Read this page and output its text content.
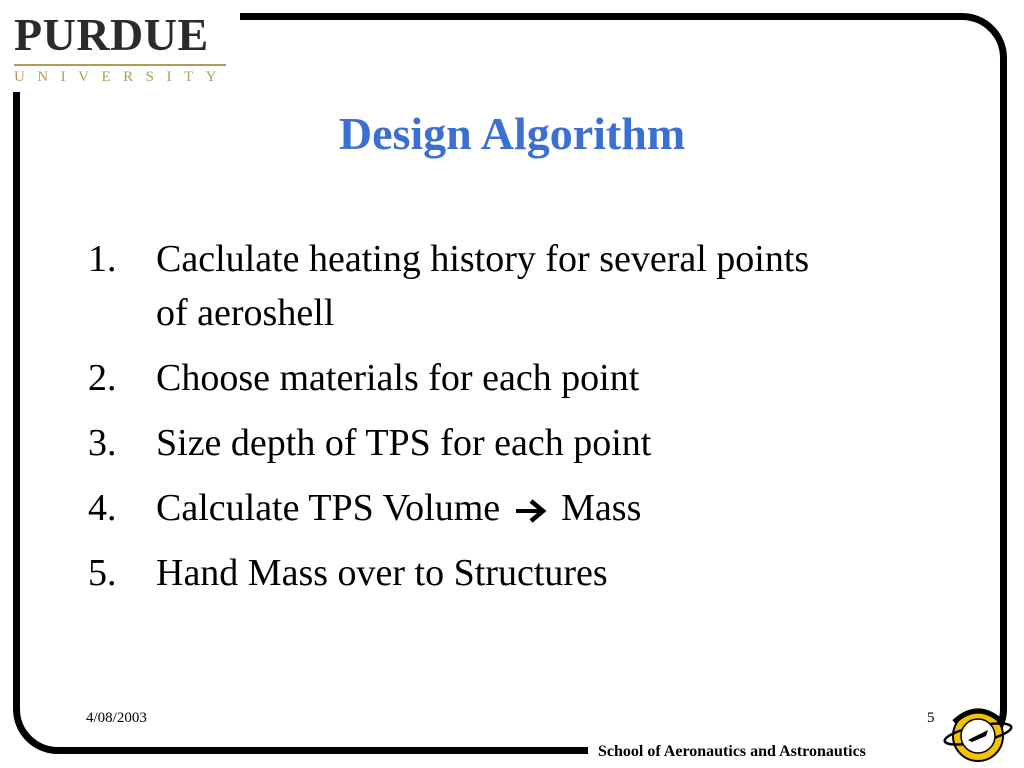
PURDUE
UNIVERSITY
Design Algorithm
1.	Caclulate heating history for several points of aeroshell
2.	Choose materials for each point
3.	Size depth of TPS for each point
4.	Calculate TPS Volume Mass
5.	Hand Mass over to Structures
4/08/2003	5
School of Aeronautics and Astronautics
